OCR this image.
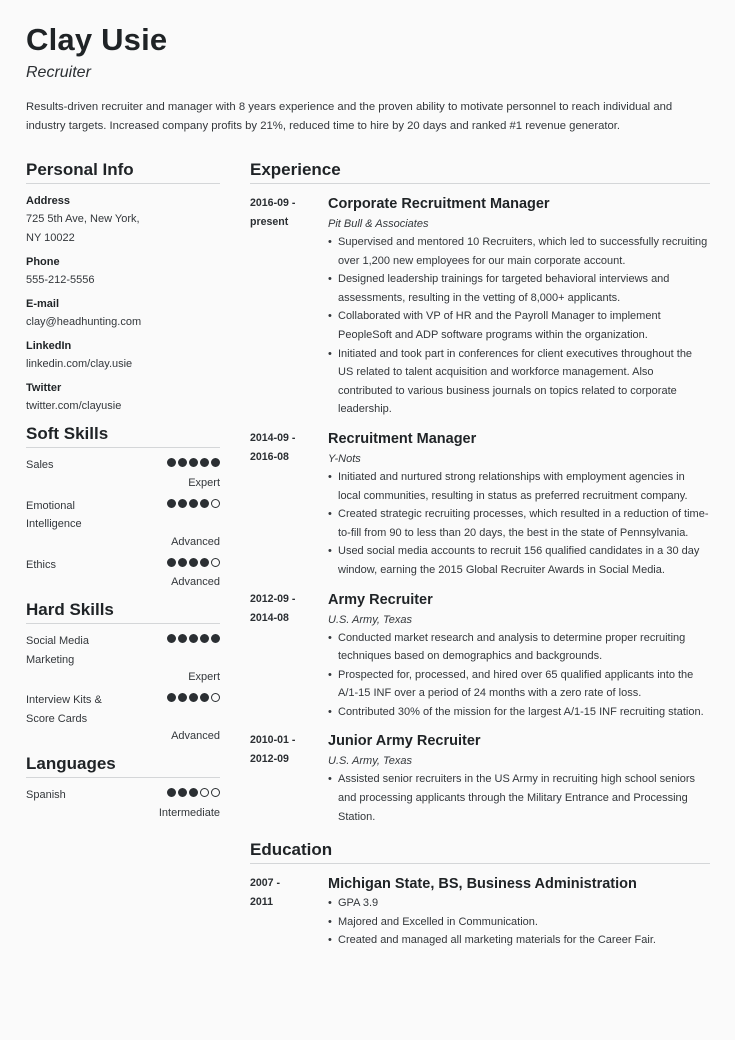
Clay Usie
Recruiter
Results-driven recruiter and manager with 8 years experience and the proven ability to motivate personnel to reach individual and industry targets. Increased company profits by 21%, reduced time to hire by 20 days and ranked #1 revenue generator.
Personal Info
Address
725 5th Ave, New York,
NY 10022
Phone
555-212-5556
E-mail
clay@headhunting.com
LinkedIn
linkedin.com/clay.usie
Twitter
twitter.com/clayusie
Soft Skills
Sales
Expert
Emotional
Intelligence
Advanced
Ethics
Advanced
Hard Skills
Social Media
Marketing
Expert
Interview Kits &
Score Cards
Advanced
Languages
Spanish
Intermediate
Experience
2016-09 -
present
Corporate Recruitment Manager
Pit Bull & Associates
• Supervised and mentored 10 Recruiters, which led to successfully recruiting over 1,200 new employees for our main corporate account.
• Designed leadership trainings for targeted behavioral interviews and assessments, resulting in the vetting of 8,000+ applicants.
• Collaborated with VP of HR and the Payroll Manager to implement PeopleSoft and ADP software programs within the organization.
• Initiated and took part in conferences for client executives throughout the US related to talent acquisition and workforce management. Also contributed to various business journals on topics related to corporate leadership.
2014-09 -
2016-08
Recruitment Manager
Y-Nots
• Initiated and nurtured strong relationships with employment agencies in local communities, resulting in status as preferred recruitment company.
• Created strategic recruiting processes, which resulted in a reduction of time-to-fill from 90 to less than 20 days, the best in the state of Pennsylvania.
• Used social media accounts to recruit 156 qualified candidates in a 30 day window, earning the 2015 Global Recruiter Awards in Social Media.
2012-09 -
2014-08
Army Recruiter
U.S. Army, Texas
• Conducted market research and analysis to determine proper recruiting techniques based on demographics and backgrounds.
• Prospected for, processed, and hired over 65 qualified applicants into the A/1-15 INF over a period of 24 months with a zero rate of loss.
• Contributed 30% of the mission for the largest A/1-15 INF recruiting station.
2010-01 -
2012-09
Junior Army Recruiter
U.S. Army, Texas
• Assisted senior recruiters in the US Army in recruiting high school seniors and processing applicants through the Military Entrance and Processing Station.
Education
2007 -
2011
Michigan State, BS, Business Administration
• GPA 3.9
• Majored and Excelled in Communication.
• Created and managed all marketing materials for the Career Fair.
